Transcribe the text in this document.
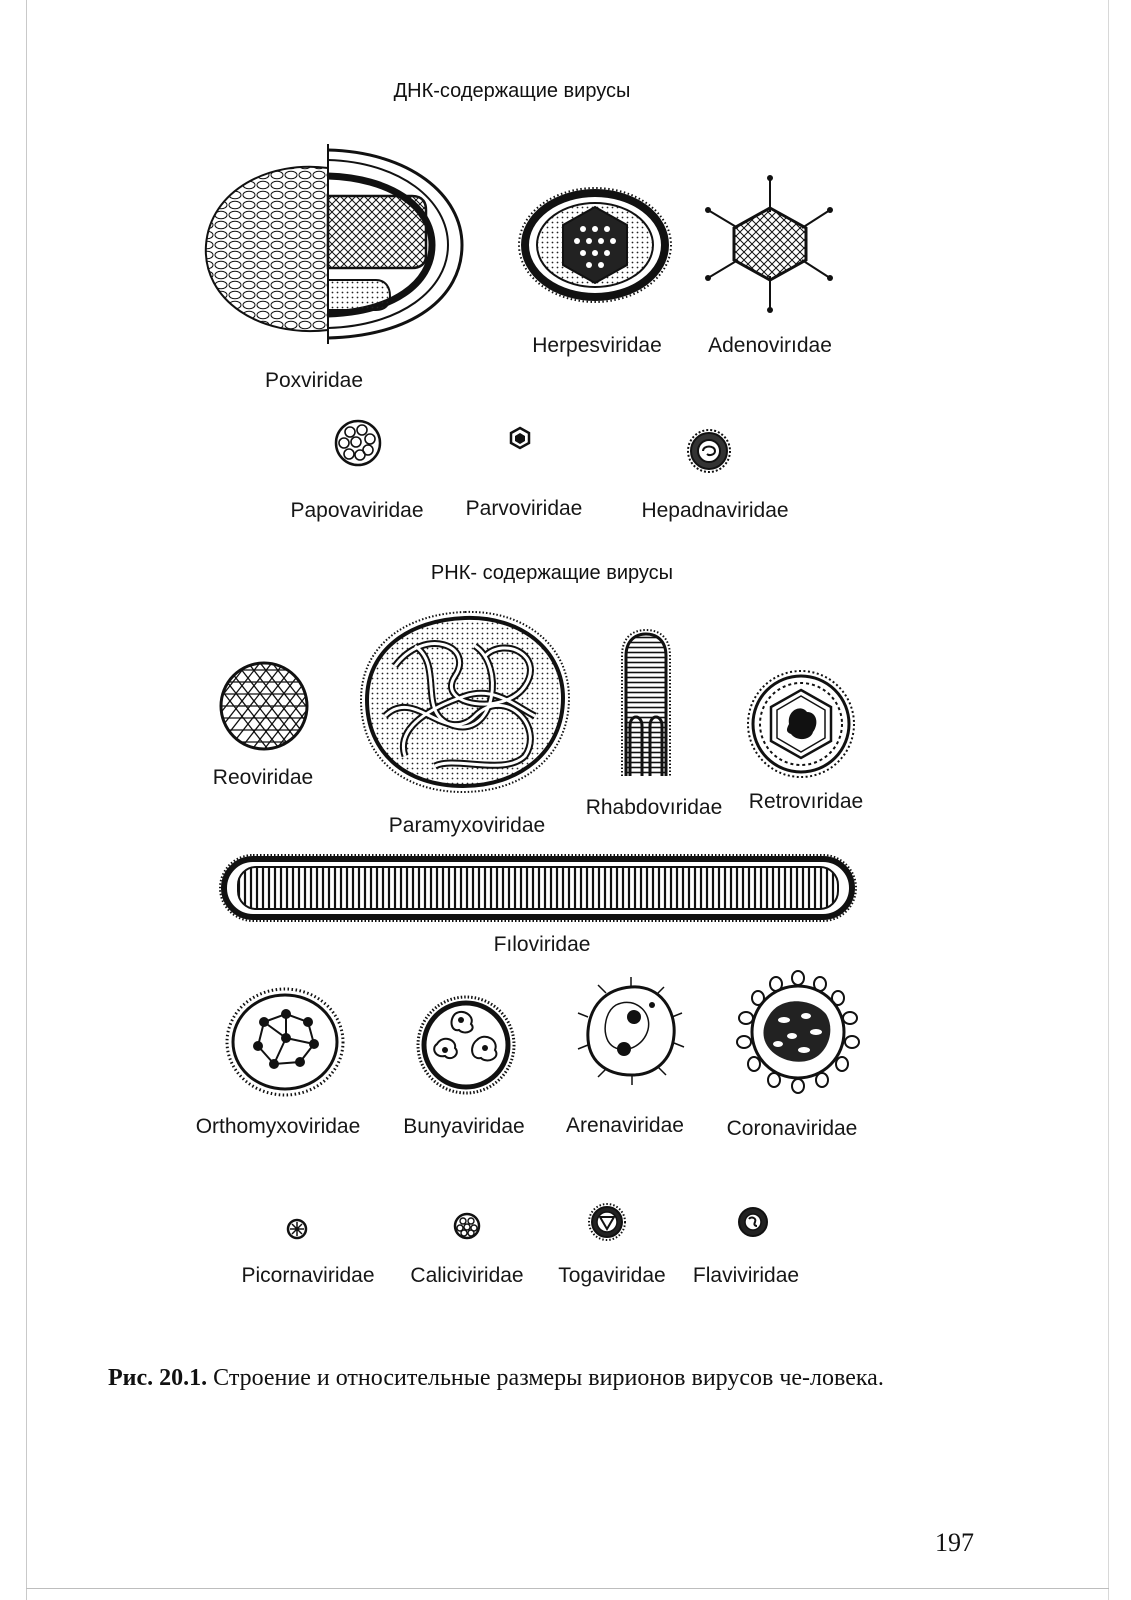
ДНК-содержащие вирусы
РНК- содержащие вирусы
Poxviridae
Herpesviridae Adenovirıdae
Papovaviridae Parvoviridae	Hepadnaviridae
Reoviridae
Paramyxoviridae
Rhabdovıridae Retrovıridae
Fıloviridae
Orthomyxoviridae Bunyaviridae Arenaviridae Coronaviridae
Picornaviridae Caliciviridae Togaviridae Flaviviridae
Рис. 20.1. Строение и относительные размеры вирионов вирусов че-ловека.
197
